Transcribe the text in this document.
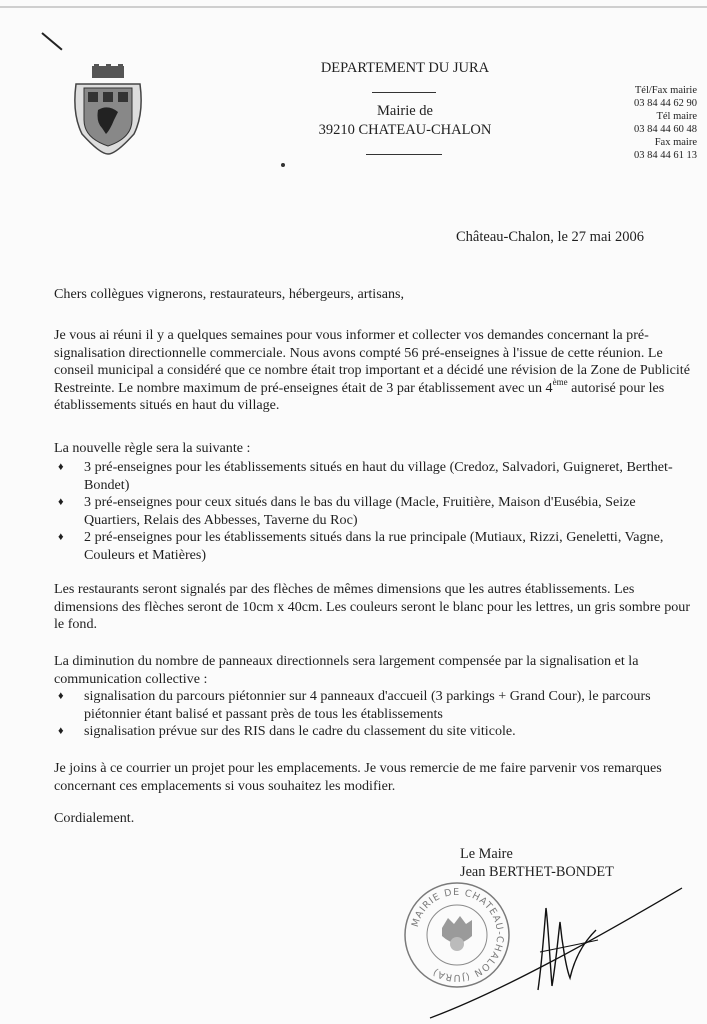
DEPARTEMENT DU JURA
Mairie de
39210 CHATEAU-CHALON
Tél/Fax mairie
03 84 44 62 90
Tél maire
03 84 44 60 48
Fax maire
03 84 44 61 13
Château-Chalon, le 27 mai 2006
Chers collègues vignerons, restaurateurs, hébergeurs, artisans,
Je vous ai réuni il y a quelques semaines pour vous informer et collecter vos demandes concernant la pré-signalisation directionnelle commerciale. Nous avons compté 56 pré-enseignes à l'issue de cette réunion. Le conseil municipal a considéré que ce nombre était trop important et a décidé une révision de la Zone de Publicité Restreinte. Le nombre maximum de pré-enseignes était de 3 par établissement avec un 4ème autorisé pour les établissements situés en haut du village.
La nouvelle règle sera la suivante :
♦ 3 pré-enseignes pour les établissements situés en haut du village (Credoz, Salvadori, Guigneret, Berthet-Bondet)
♦ 3 pré-enseignes pour ceux situés dans le bas du village (Macle, Fruitière, Maison d'Eusébia, Seize Quartiers, Relais des Abbesses, Taverne du Roc)
♦ 2 pré-enseignes pour les établissements situés dans la rue principale (Mutiaux, Rizzi, Geneletti, Vagne, Couleurs et Matières)
Les restaurants seront signalés par des flèches de mêmes dimensions que les autres établissements. Les dimensions des flèches seront de 10cm x 40cm. Les couleurs seront le blanc pour les lettres, un gris sombre pour le fond.
La diminution du nombre de panneaux directionnels sera largement compensée par la signalisation et la communication collective :
♦ signalisation du parcours piétonnier sur 4 panneaux d'accueil (3 parkings + Grand Cour), le parcours piétonnier étant balisé et passant près de tous les établissements
♦ signalisation prévue sur des RIS dans le cadre du classement du site viticole.
Je joins à ce courrier un projet pour les emplacements. Je vous remercie de me faire parvenir vos remarques concernant ces emplacements si vous souhaitez les modifier.
Cordialement.
Le Maire
Jean BERTHET-BONDET
MAIRIE DE CHATEAU-CHALON (JURA)
